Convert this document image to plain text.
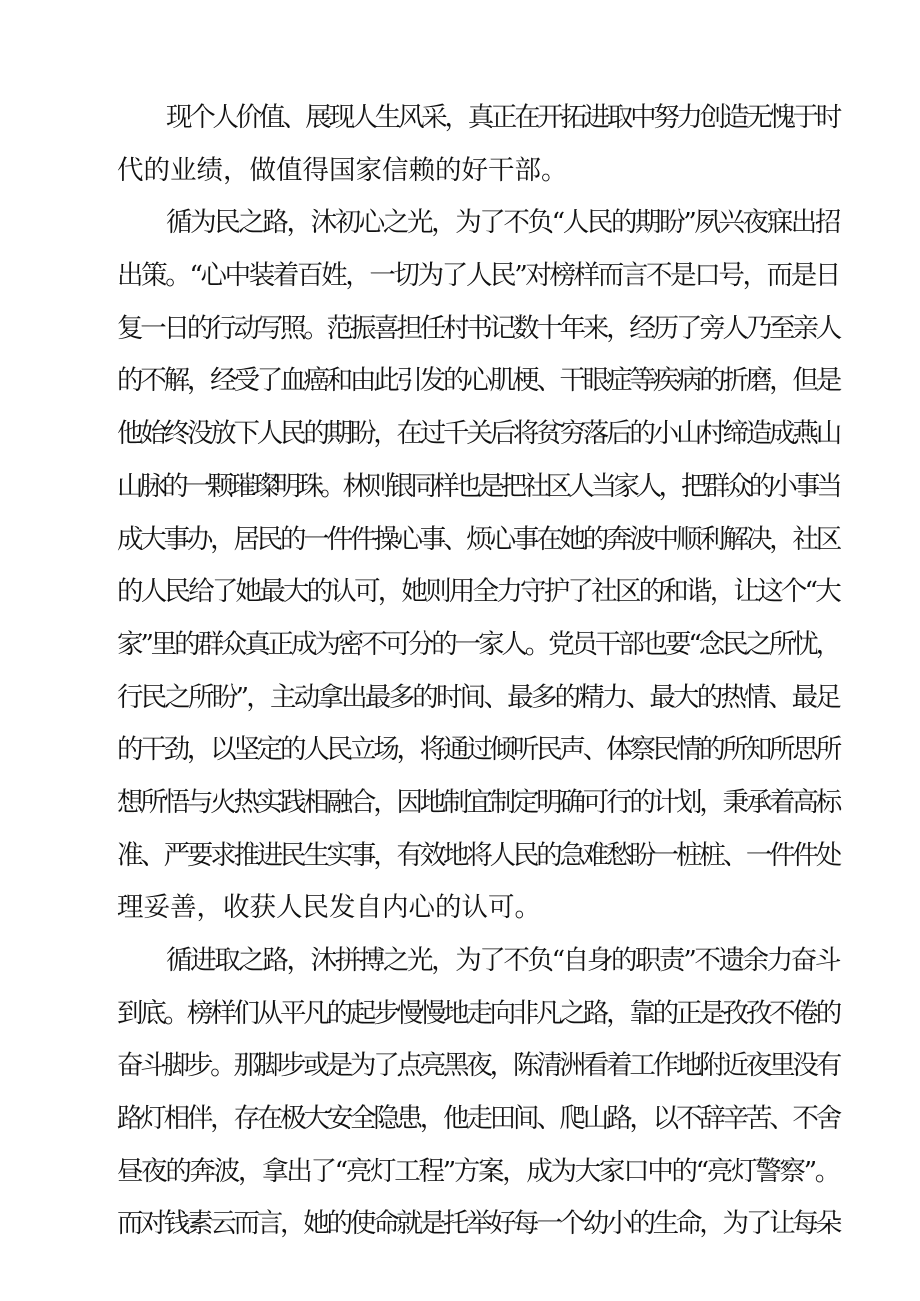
现个人价值、展现人生风采，真正在开拓进取中努力创造无愧于时
代的业绩，做值得国家信赖的好干部。
循为民之路，沐初心之光，为了不负“人民的期盼”夙兴夜寐出招
出策。“心中装着百姓，一切为了人民”对榜样而言不是口号，而是日
复一日的行动写照。范振喜担任村书记数十年来，经历了旁人乃至亲人
的不解，经受了血癌和由此引发的心肌梗、干眼症等疾病的折磨，但是
他始终没放下人民的期盼，在过千关后将贫穷落后的小山村缔造成燕山
山脉的一颗璀璨明珠。林则银同样也是把社区人当家人，把群众的小事当
成大事办，居民的一件件操心事、烦心事在她的奔波中顺利解决，社区
的人民给了她最大的认可，她则用全力守护了社区的和谐，让这个“大
家”里的群众真正成为密不可分的一家人。党员干部也要“念民之所忧，
行民之所盼”，主动拿出最多的时间、最多的精力、最大的热情、最足
的干劲，以坚定的人民立场，将通过倾听民声、体察民情的所知所思所
想所悟与火热实践相融合，因地制宜制定明确可行的计划，秉承着高标
准、严要求推进民生实事，有效地将人民的急难愁盼一桩桩、一件件处
理妥善，收获人民发自内心的认可。
循进取之路，沐拼搏之光，为了不负“自身的职责”不遗余力奋斗
到底。榜样们从平凡的起步慢慢地走向非凡之路，靠的正是孜孜不倦的
奋斗脚步。那脚步或是为了点亮黑夜，陈清洲看着工作地附近夜里没有
路灯相伴，存在极大安全隐患，他走田间、爬山路，以不辞辛苦、不舍
昼夜的奔波，拿出了“亮灯工程”方案，成为大家口中的“亮灯警察”。
而对钱素云而言，她的使命就是托举好每一个幼小的生命，为了让每朵
